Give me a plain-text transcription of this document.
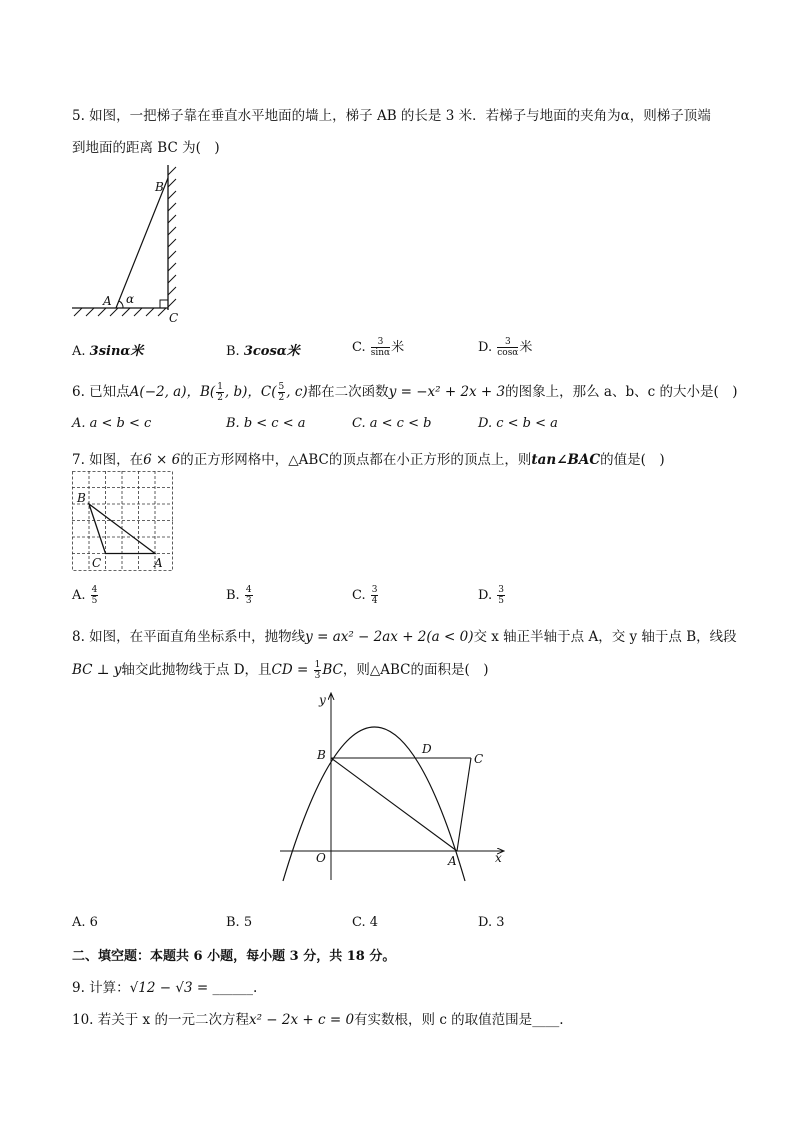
5. 如图，一把梯子靠在垂直水平地面的墙上，梯子 AB 的长是 3 米．若梯子与地面的夹角为α，则梯子顶端
到地面的距离 BC 为(　)
B
A α
C
A. 3sinα米	B. 3cosα米	C. $\frac{3}{\sin\alpha}$ 米	D. $\frac{3}{\cos\alpha}$ 米
6. 已知点A(−2, a)，$B( \frac{1}{2}$ , b)，$C( \frac{5}{2}$ , c)都在二次函数y = −x² + 2x + 3的图象上，那么 a、b、c 的大小是(　)
A. a < b < c	B. b < c < a	C. a < c < b	D. c < b < a
7. 如图，在6 × 6的正方形网格中，△ABC的顶点都在小正方形的顶点上，则tan∠BAC的值是(　)
B
C	A
A. $\frac{4}{5}$	B. $\frac{4}{3}$	C. $\frac{3}{4}$	D. $\frac{3}{5}$
8. 如图，在平面直角坐标系中，抛物线y = ax² − 2ax + 2(a < 0)交 x 轴正半轴于点 A，交 y 轴于点 B，线段
BC ⊥ y轴交此抛物线于点 D，且CD = $\frac{1}{3}$ BC，则△ABC的面积是(　)
y
B	D
C
O	A	x
A. 6	B. 5	C. 4	D. 3
二、填空题：本题共 6 小题，每小题 3 分，共 18 分。
9. 计算：√12 − √3 = ______.
10. 若关于 x 的一元二次方程x² − 2x + c = 0有实数根，则 c 的取值范围是____.
